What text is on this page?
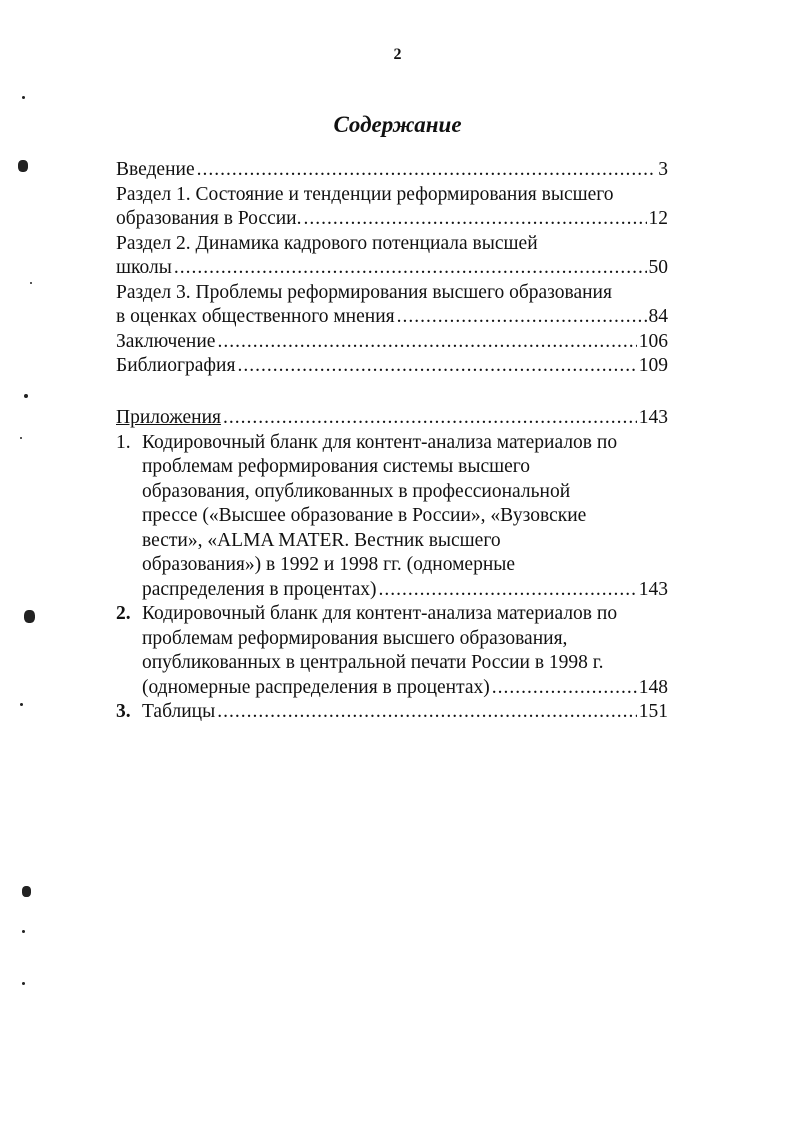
2
Содержание
Введение .....	3
Раздел 1. Состояние и тенденции реформирования высшего
образования в России. .....	12
Раздел 2. Динамика кадрового потенциала высшей
школы .....	50
Раздел 3. Проблемы реформирования высшего образования
в оценках общественного мнения .....	84
Заключение .....	106
Библиография .....	109
Приложения .....	143
1. Кодировочный бланк для контент-анализа материалов по
проблемам реформирования системы высшего
образования, опубликованных в профессиональной
прессе («Высшее образование в России», «Вузовские
вести», «ALMA MATER. Вестник высшего
образования») в 1992 и 1998 гг. (одномерные
распределения в процентах) .....	143
2. Кодировочный бланк для контент-анализа материалов по
проблемам реформирования высшего образования,
опубликованных в центральной печати России в 1998 г.
(одномерные распределения в процентах) .....	148
3. Таблицы .....	151
